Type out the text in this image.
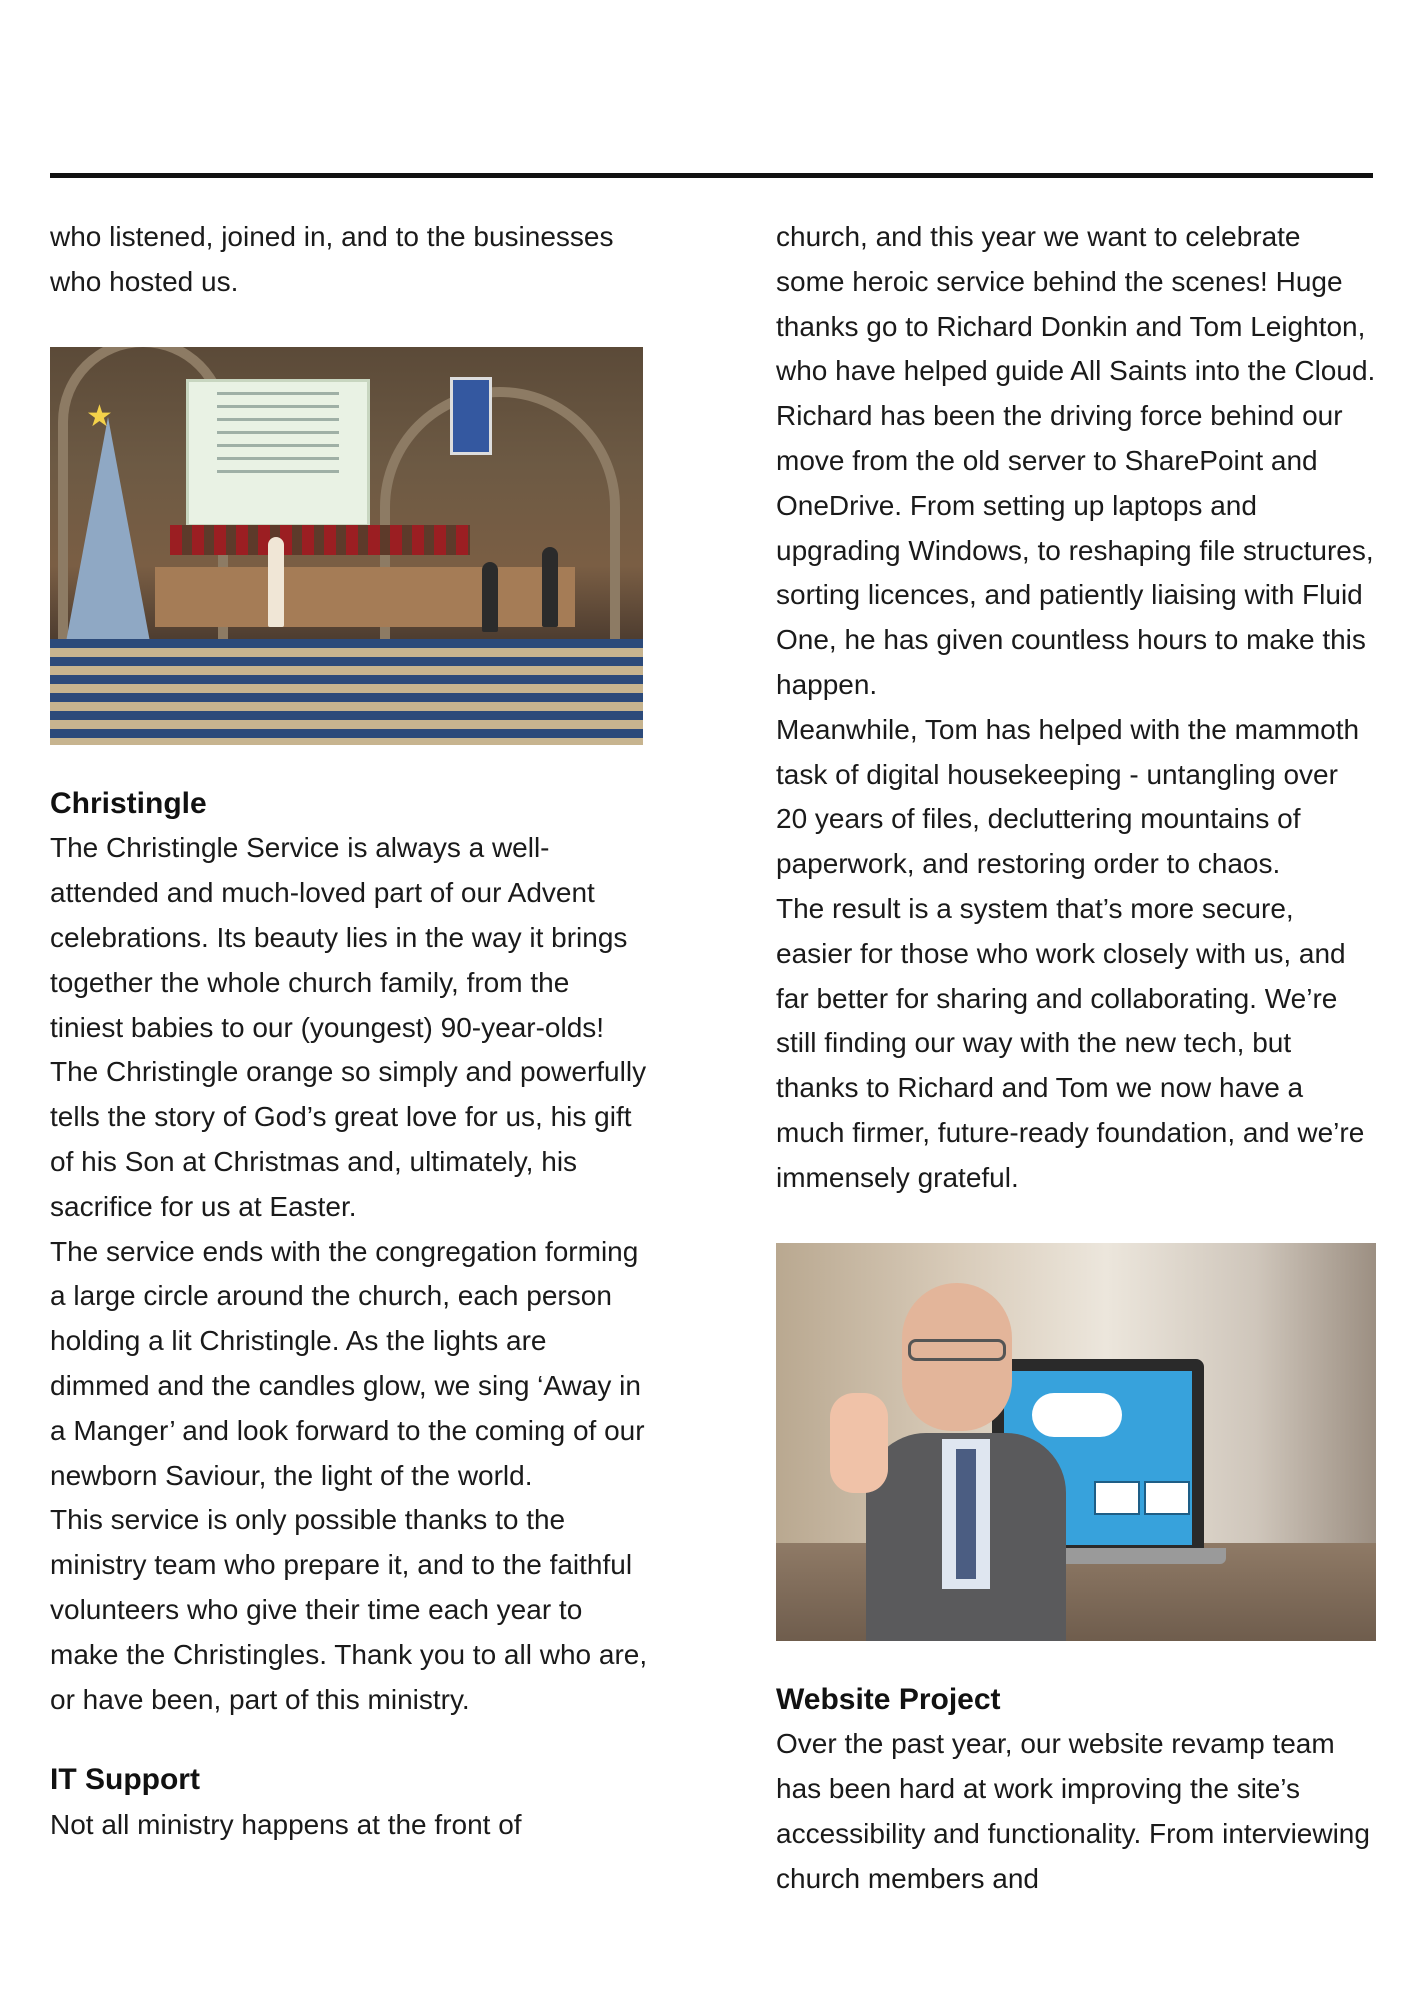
who listened, joined in, and to the businesses who hosted us.

★
Christingle

The Christingle Service is always a well-attended and much-loved part of our Advent celebrations. Its beauty lies in the way it brings together the whole church family, from the tiniest babies to our (youngest) 90-year-olds! The Christingle orange so simply and powerfully tells the story of God’s great love for us, his gift of his Son at Christmas and, ultimately, his sacrifice for us at Easter.

The service ends with the congregation forming a large circle around the church, each person holding a lit Christingle. As the lights are dimmed and the candles glow, we sing ‘Away in a Manger’ and look forward to the coming of our newborn Saviour, the light of the world.

This service is only possible thanks to the ministry team who prepare it, and to the faithful volunteers who give their time each year to make the Christingles. Thank you to all who are, or have been, part of this ministry.

IT Support

Not all ministry happens at the front of

church, and this year we want to celebrate some heroic service behind the scenes! Huge thanks go to Richard Donkin and Tom Leighton, who have helped guide All Saints into the Cloud.

Richard has been the driving force behind our move from the old server to SharePoint and OneDrive. From setting up laptops and upgrading Windows, to reshaping file structures, sorting licences, and patiently liaising with Fluid One, he has given countless hours to make this happen.

Meanwhile, Tom has helped with the mammoth task of digital housekeeping - untangling over 20 years of files, decluttering mountains of paperwork, and restoring order to chaos.

The result is a system that’s more secure, easier for those who work closely with us, and far better for sharing and collaborating. We’re still finding our way with the new tech, but thanks to Richard and Tom we now have a much firmer, future-ready foundation, and we’re immensely grateful.

Website Project

Over the past year, our website revamp team has been hard at work improving the site’s accessibility and functionality. From interviewing church members and
